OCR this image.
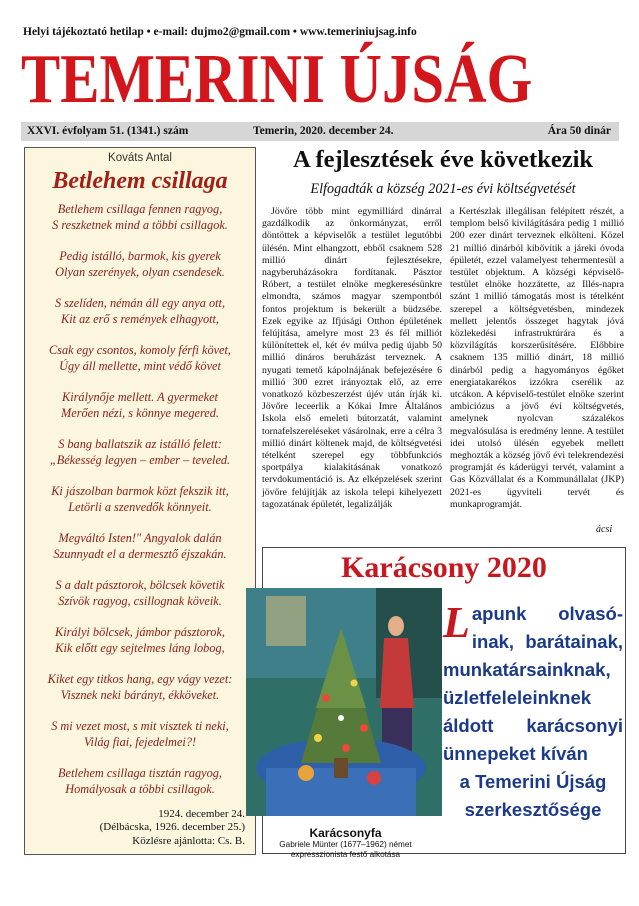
Helyi tájékoztató hetilap • e-mail: dujmo2@gmail.com • www.temeriniujsag.info
TEMERINI ÚJSÁG
XXVI. évfolyam 51. (1341.) szám	Temerin, 2020. december 24.	Ára 50 dinár
Kováts Antal
Betlehem csillaga
Betlehem csillaga fennen ragyog,
S reszketnek mind a többi csillagok.
Pedig istálló, barmok, kis gyerek
Olyan szerények, olyan csendesek.
S szelíden, némán áll egy anya ott,
Kit az erő s remények elhagyott,
Csak egy csontos, komoly férfi követ,
Úgy áll mellette, mint védő követ
Királynője mellett. A gyermeket
Merően nézi, s könnye megered.
S bang ballatszik az istálló felett:
„Békesség legyen – ember – teveled.
Ki jászolban barmok közt fekszik itt,
Letörli a szenvedők könnyeit.
Megváltó Isten!" Angyalok dalán
Szunnyadt el a dermesztő éjszakán.
S a dalt pásztorok, bölcsek követik
Szívök ragyog, csillognak köveik.
Királyi bölcsek, jámbor pásztorok,
Kik előtt egy sejtelmes láng lobog,
Kiket egy titkos hang, egy vágy vezet:
Visznek neki bárányt, ékköveket.
S mi vezet most, s mit visztek ti neki,
Világ fiai, fejedelmei?!
Betlehem csillaga tisztán ragyog,
Homályosak a többi csillagok.
1924. december 24.
(Délbácska, 1926. december 25.)
Közlésre ajánlotta: Cs. B.
A fejlesztések éve következik
Elfogadták a község 2021-es évi költségvetését

Jövőre több mint egymilliárd dinárral gazdálkodik az önkormányzat, erről döntöttek a képviselők a testület legutóbbi ülésén. Mint elhangzott, ebből csaknem 528 millió dinárt fejlesztésekre, nagyberuházásokra fordítanak. Pásztor Róbert, a testület elnöke megkeresésünkre elmondta, számos magyar szempontból fontos projektum is bekerült a büdzsébe. Ezek egyike az Ifjúsági Otthon épületének felújítása, amelyre most 23 és fél milliót különítettek el, két év múlva pedig újabb 50 millió dináros beruházást terveznek. A nyugati temető kápolnájának befejezésére 6 millió 300 ezret irányoztak elő, az erre vonatkozó közbeszerzést újév után írják ki. Jövőre leceerlik a Kókai Imre Általános Iskola első emeleti bútorzatát, valamint tornafelszereléseket vásárolnak, erre a célra 3 millió dinárt költenek majd, de költségvetési tételként szerepel egy többfunkciós sportpálya kialakításának vonatkozó tervdokumentáció is. Az elképzelések szerint jövőre felújítják az iskola telepi kihelyezett tagozatának épületét, legalizálják

a Kertészlak illegálisan felépített részét, a templom belső kivilágítására pedig 1 millió 200 ezer dinárt terveznek elkölteni. Közel 21 millió dinárból kibővítik a járeki óvoda épületét, ezzel valamelyest tehermentesül a testület objektum. A községi képviselő-testület elnöke hozzátette, az Illés-napra szánt 1 millió támogatás most is tételként szerepel a költségvetésben, mindezek mellett jelentős összeget hagytak jóvá közlekedési infrastruktúrára és a közvilágítás korszerűsítésére. Előbbire csaknem 135 millió dinárt, 18 millió dinárból pedig a hagyományos égőket energiatakarékos izzókra cserélik az utcákon. A képviselő-testület elnöke szerint ambiciózus a jövő évi költségvetés, amelynek nyolcvan százalékos megvalósulása is eredmény lenne. A testület idei utolsó ülésén egyebek mellett meghozták a község jövő évi telekrendezési programját és káderügyi tervét, valamint a Gas Közvállalat és a Kommunállalat (JKP) 2021-es ügyviteli tervét és munkaprogramját.

ácsi
Karácsony 2020
Karácsonyfa
Gabriele Münter (1677–1962) német expresszionista festő alkotása
Lapunk olvasó- inak, barátainak, munkatársainknak, üzletfeleleinknek áldott karácsonyi ünnepeket kíván
a Temerini Újság szerkesztősége
